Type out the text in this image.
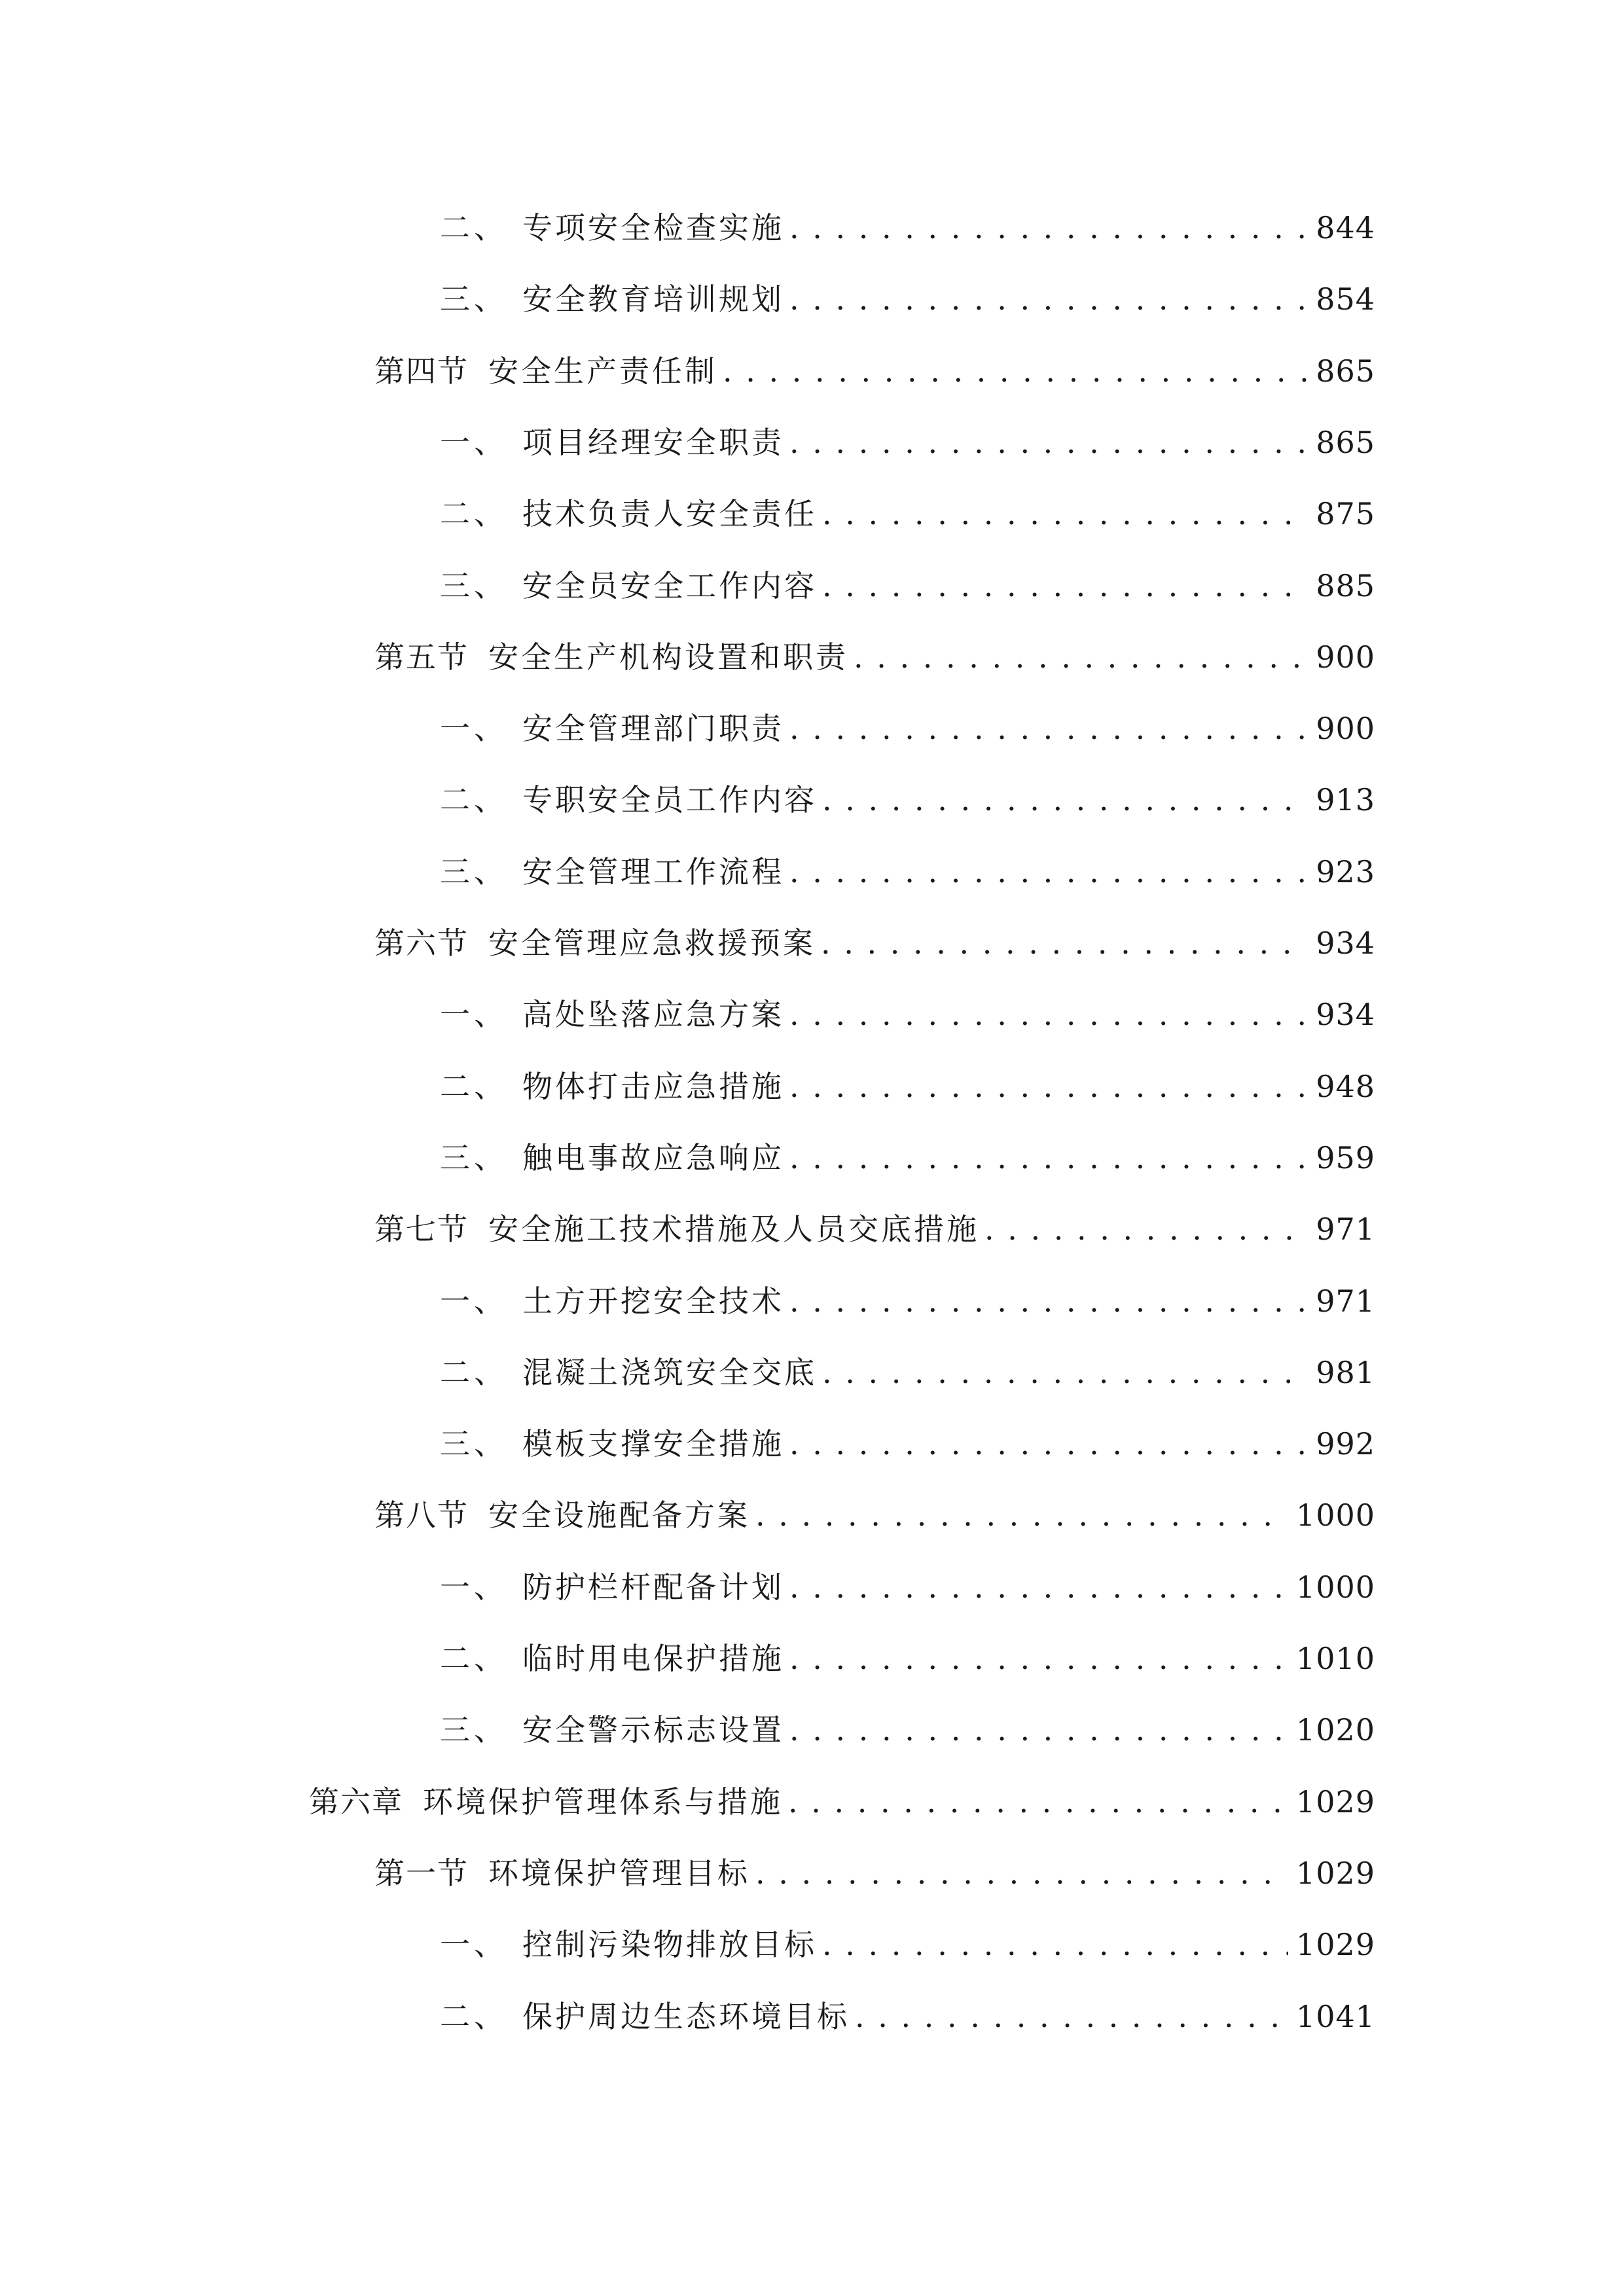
二、 专项安全检查实施 . . .	844
三、 安全教育培训规划 . . .	854
第四节 安全生产责任制 . . .	865
一、 项目经理安全职责 . . .	865
二、 技术负责人安全责任 . . .	875
三、 安全员安全工作内容 . . .	885
第五节 安全生产机构设置和职责 . . .	900
一、 安全管理部门职责 . . .	900
二、 专职安全员工作内容 . . .	913
三、 安全管理工作流程 . . .	923
第六节 安全管理应急救援预案 . . .	934
一、 高处坠落应急方案 . . .	934
二、 物体打击应急措施 . . .	948
三、 触电事故应急响应 . . .	959
第七节 安全施工技术措施及人员交底措施 . . .	971
一、 土方开挖安全技术 . . .	971
二、 混凝土浇筑安全交底 . . .	981
三、 模板支撑安全措施 . . .	992
第八节 安全设施配备方案 . . .	1000
一、 防护栏杆配备计划 . . .	1000
二、 临时用电保护措施 . . .	1010
三、 安全警示标志设置 . . .	1020
第六章 环境保护管理体系与措施 . . .	1029
第一节 环境保护管理目标 . . .	1029
一、 控制污染物排放目标 . . .	1029
二、 保护周边生态环境目标 . . .	1041
